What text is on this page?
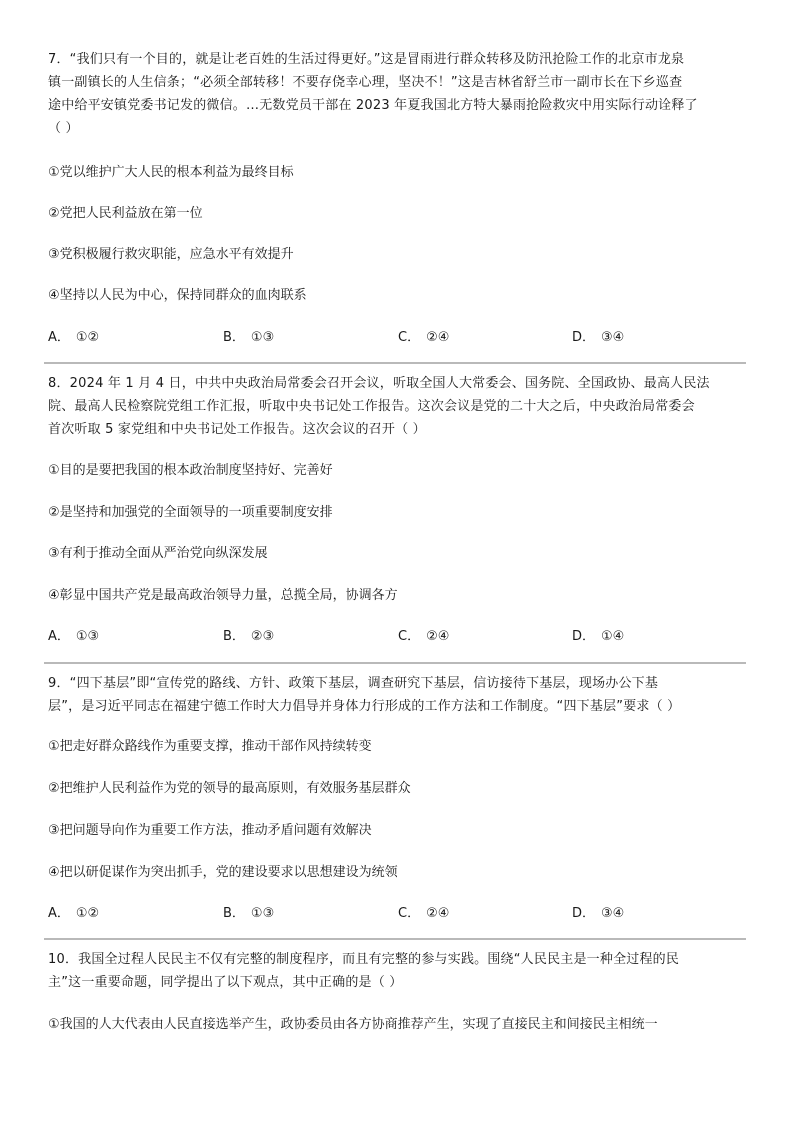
7．“我们只有一个目的，就是让老百姓的生活过得更好。”这是冒雨进行群众转移及防汛抢险工作的北京市龙泉

镇一副镇长的人生信条；“必须全部转移！不要存侥幸心理，坚决不！”这是吉林省舒兰市一副市长在下乡巡查

途中给平安镇党委书记发的微信。…无数党员干部在 2023 年夏我国北方特大暴雨抢险救灾中用实际行动诠释了

（ ）

①党以维护广大人民的根本利益为最终目标

②党把人民利益放在第一位

③党积极履行救灾职能，应急水平有效提升

④坚持以人民为中心，保持同群众的血肉联系

A． ①②	B． ①③	C． ②④	D． ③④

8．2024 年 1 月 4 日，中共中央政治局常委会召开会议，听取全国人大常委会、国务院、全国政协、最高人民法

院、最高人民检察院党组工作汇报，听取中央书记处工作报告。这次会议是党的二十大之后，中央政治局常委会

首次听取 5 家党组和中央书记处工作报告。这次会议的召开（ ）

①目的是要把我国的根本政治制度坚持好、完善好

②是坚持和加强党的全面领导的一项重要制度安排

③有利于推动全面从严治党向纵深发展

④彰显中国共产党是最高政治领导力量，总揽全局，协调各方

A． ①③	B． ②③	C． ②④	D． ①④

9．“四下基层”即“宣传党的路线、方针、政策下基层，调查研究下基层，信访接待下基层，现场办公下基

层”，是习近平同志在福建宁德工作时大力倡导并身体力行形成的工作方法和工作制度。“四下基层”要求（ ）

①把走好群众路线作为重要支撑，推动干部作风持续转变

②把维护人民利益作为党的领导的最高原则，有效服务基层群众

③把问题导向作为重要工作方法，推动矛盾问题有效解决

④把以研促谋作为突出抓手，党的建设要求以思想建设为统领

A． ①②	B． ①③	C． ②④	D． ③④

10．我国全过程人民民主不仅有完整的制度程序，而且有完整的参与实践。围绕“人民民主是一种全过程的民

主”这一重要命题，同学提出了以下观点，其中正确的是（ ）

①我国的人大代表由人民直接选举产生，政协委员由各方协商推荐产生，实现了直接民主和间接民主相统一
